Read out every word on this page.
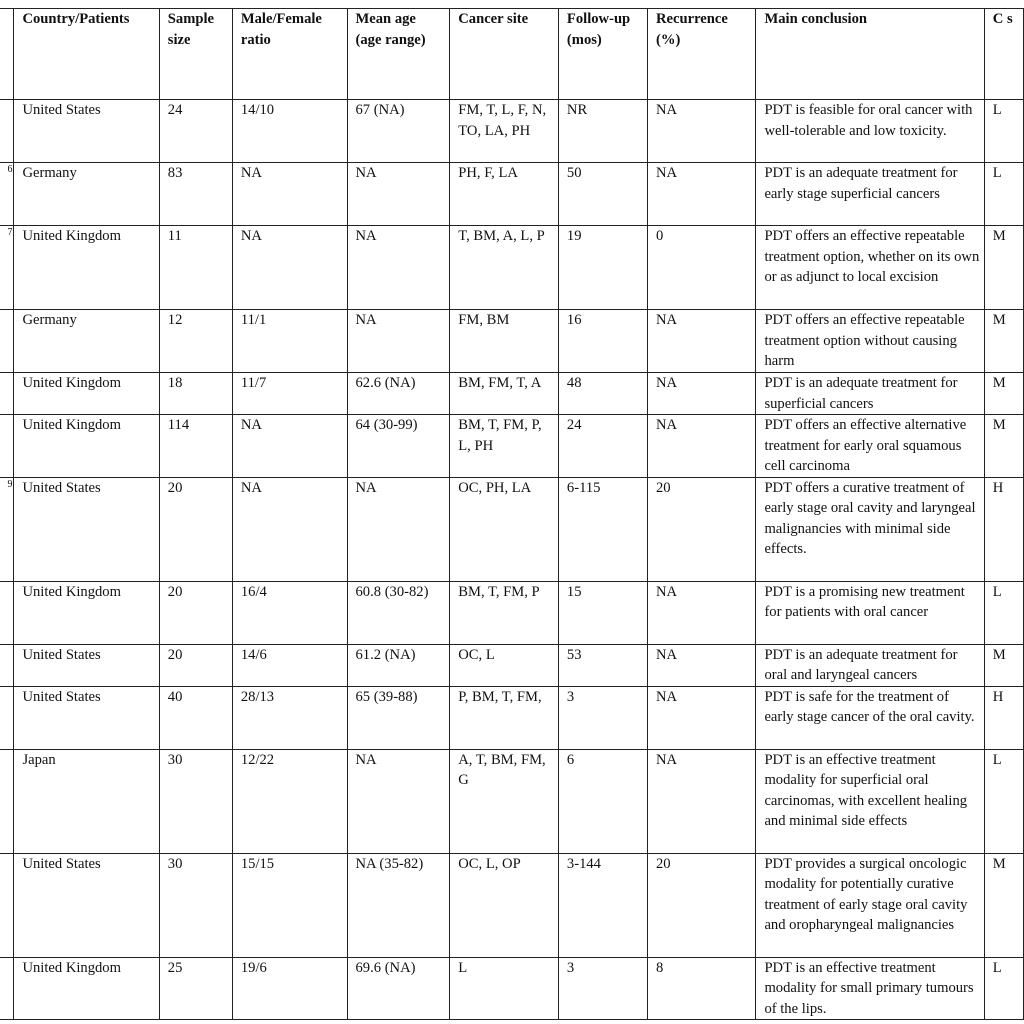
	Country/Patients	Sample size	Male/Female ratio	Mean age (age range)	Cancer site	Follow-up (mos)	Recurrence (%)	Main conclusion	C s
	United States	24	14/10	67 (NA)	FM, T, L, F, N, TO, LA, PH	NR	NA	PDT is feasible for oral cancer with well-tolerable and low toxicity.	L
6	Germany	83	NA	NA	PH, F, LA	50	NA	PDT is an adequate treatment for early stage superficial cancers	L
7	United Kingdom	11	NA	NA	T, BM, A, L, P	19	0	PDT offers an effective repeatable treatment option, whether on its own or as adjunct to local excision	M
	Germany	12	11/1	NA	FM, BM	16	NA	PDT offers an effective repeatable treatment option without causing harm	M
	United Kingdom	18	11/7	62.6 (NA)	BM, FM, T, A	48	NA	PDT is an adequate treatment for superficial cancers	M
	United Kingdom	114	NA	64 (30-99)	BM, T, FM, P, L, PH	24	NA	PDT offers an effective alternative treatment for early oral squamous cell carcinoma	M
9	United States	20	NA	NA	OC, PH, LA	6-115	20	PDT offers a curative treatment of early stage oral cavity and laryngeal malignancies with minimal side effects.	H
	United Kingdom	20	16/4	60.8 (30-82)	BM, T, FM, P	15	NA	PDT is a promising new treatment for patients with oral cancer	L
	United States	20	14/6	61.2 (NA)	OC, L	53	NA	PDT is an adequate treatment for oral and laryngeal cancers	M
	United States	40	28/13	65 (39-88)	P, BM, T, FM,	3	NA	PDT is safe for the treatment of early stage cancer of the oral cavity.	H
	Japan	30	12/22	NA	A, T, BM, FM, G	6	NA	PDT is an effective treatment modality for superficial oral carcinomas, with excellent healing and minimal side effects	L
	United States	30	15/15	NA (35-82)	OC, L, OP	3-144	20	PDT provides a surgical oncologic modality for potentially curative treatment of early stage oral cavity and oropharyngeal malignancies	M
	United Kingdom	25	19/6	69.6 (NA)	L	3	8	PDT is an effective treatment modality for small primary tumours of the lips.	L
